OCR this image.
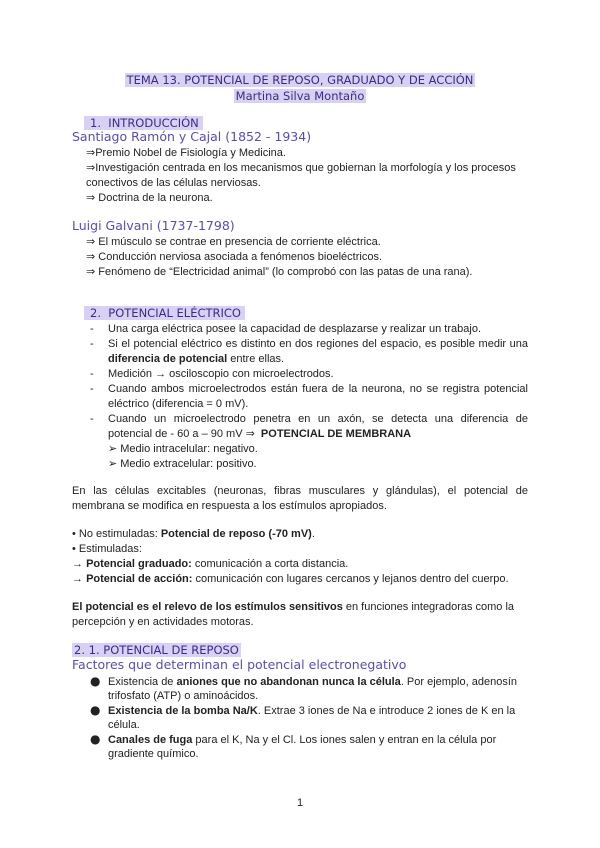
TEMA 13. POTENCIAL DE REPOSO, GRADUADO Y DE ACCIÓN
Martina Silva Montaño
1. INTRODUCCIÓN
Santiago Ramón y Cajal (1852 - 1934)
⇒Premio Nobel de Fisiología y Medicina.
⇒Investigación centrada en los mecanismos que gobiernan la morfología y los procesos
conectivos de las células nerviosas.
⇒ Doctrina de la neurona.
Luigi Galvani (1737-1798)
⇒ El músculo se contrae en presencia de corriente eléctrica.
⇒ Conducción nerviosa asociada a fenómenos bioeléctricos.
⇒ Fenómeno de “Electricidad animal” (lo comprobó con las patas de una rana).
2. POTENCIAL ELÉCTRICO
-
-
-
-
-
Una carga eléctrica posee la capacidad de desplazarse y realizar un trabajo.
Si el potencial eléctrico es distinto en dos regiones del espacio, es posible medir una
diferencia de potencial entre ellas.
Medición → osciloscopio con microelectrodos.
Cuando ambos microelectrodos están fuera de la neurona, no se registra potencial
eléctrico (diferencia = 0 mV).
Cuando un microelectrodo penetra en un axón, se detecta una diferencia de
potencial de - 60 a – 90 mV ⇒  POTENCIAL DE MEMBRANA
➢ Medio intracelular: negativo.
➢ Medio extracelular: positivo.
En las células excitables (neuronas, fibras musculares y glándulas), el potencial de
membrana se modifica en respuesta a los estímulos apropiados.
• No estimuladas: Potencial de reposo (-70 mV).
• Estimuladas:
→ Potencial graduado: comunicación a corta distancia.
→ Potencial de acción: comunicación con lugares cercanos y lejanos dentro del cuerpo.
El potencial es el relevo de los estímulos sensitivos en funciones integradoras como la
percepción y en actividades motoras.
2. 1. POTENCIAL DE REPOSO
Factores que determinan el potencial electronegativo
●
●
●
Existencia de aniones que no abandonan nunca la célula. Por ejemplo, adenosín
trifosfato (ATP) o aminoácidos.
Existencia de la bomba Na/K. Extrae 3 iones de Na e introduce 2 iones de K en la
célula.
Canales de fuga para el K, Na y el Cl. Los iones salen y entran en la célula por
gradiente químico.
1
